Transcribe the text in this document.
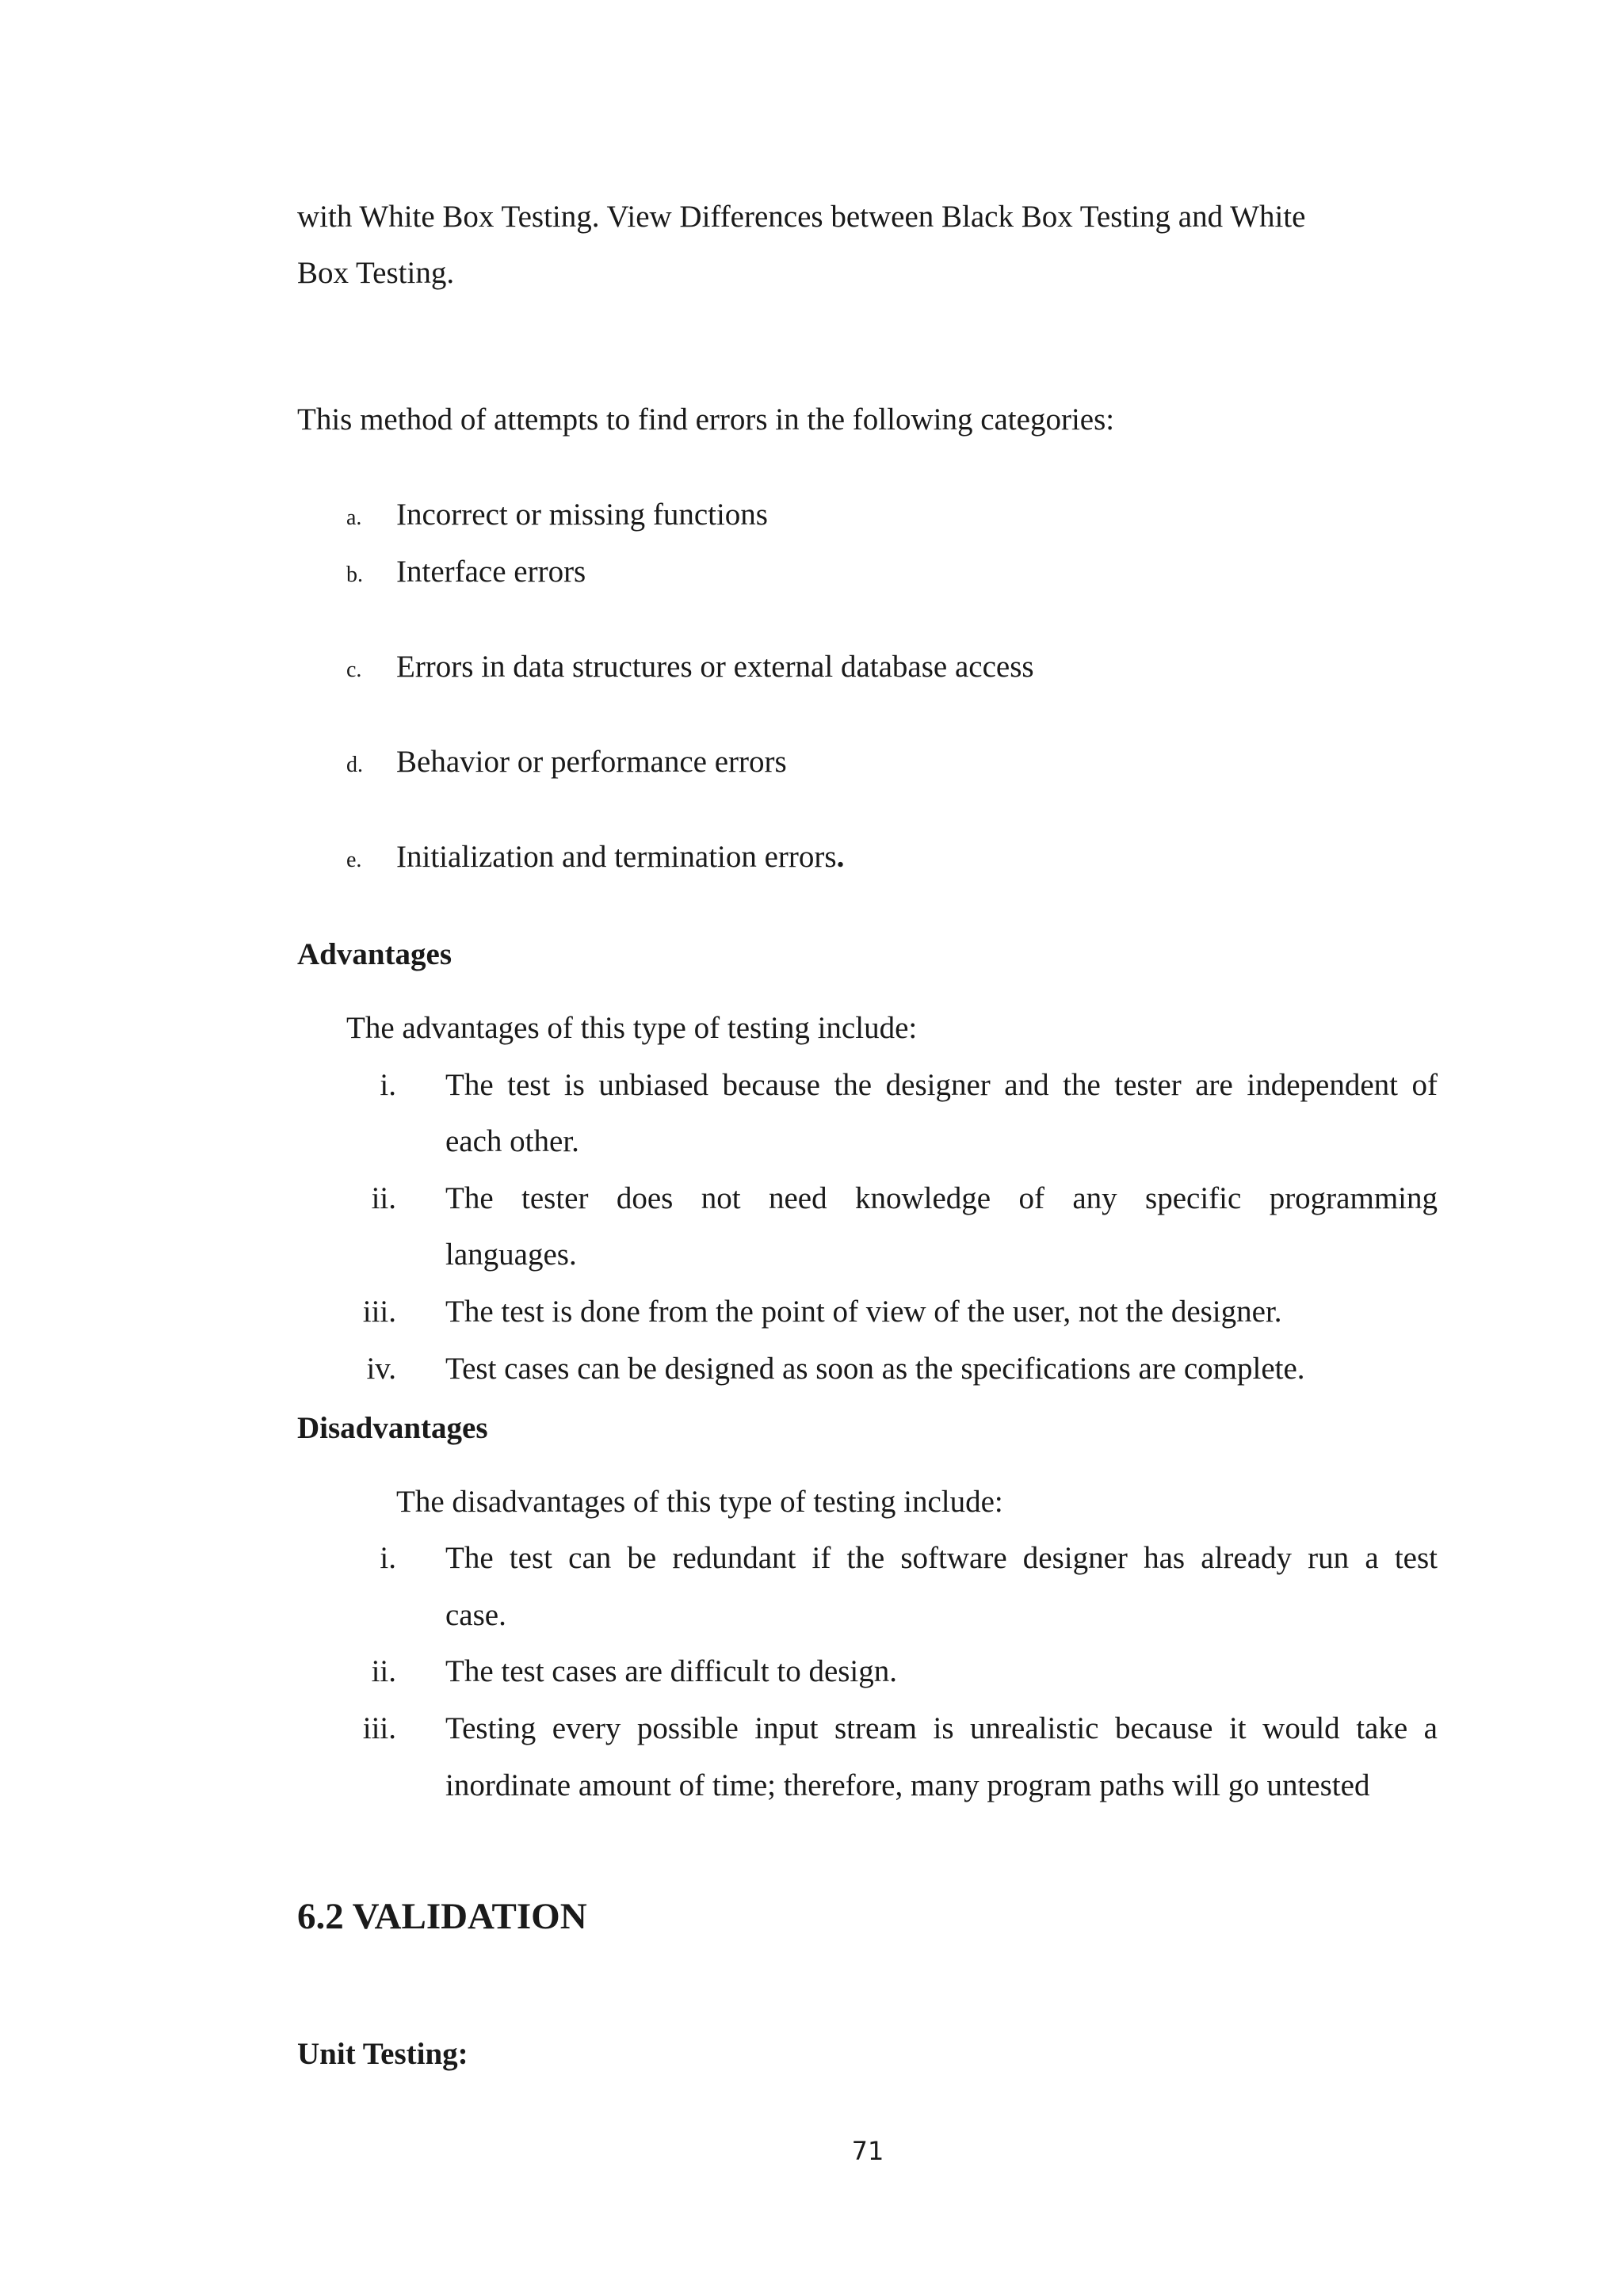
with White Box Testing. View Differences between Black Box Testing and White
Box Testing.
This method of attempts to find errors in the following categories:
a. Incorrect or missing functions
b. Interface errors
c. Errors in data structures or external database access
d. Behavior or performance errors
e. Initialization and termination errors.
Advantages
The advantages of this type of testing include:
i. The test is unbiased because the designer and the tester are independent of
each other.
ii. The tester does not need knowledge of any specific programming
languages.
iii. The test is done from the point of view of the user, not the designer.
iv. Test cases can be designed as soon as the specifications are complete.
Disadvantages
The disadvantages of this type of testing include:
i. The test can be redundant if the software designer has already run a test
case.
ii. The test cases are difficult to design.
iii. Testing every possible input stream is unrealistic because it would take a
inordinate amount of time; therefore, many program paths will go untested
6.2 VALIDATION
Unit Testing:
71
